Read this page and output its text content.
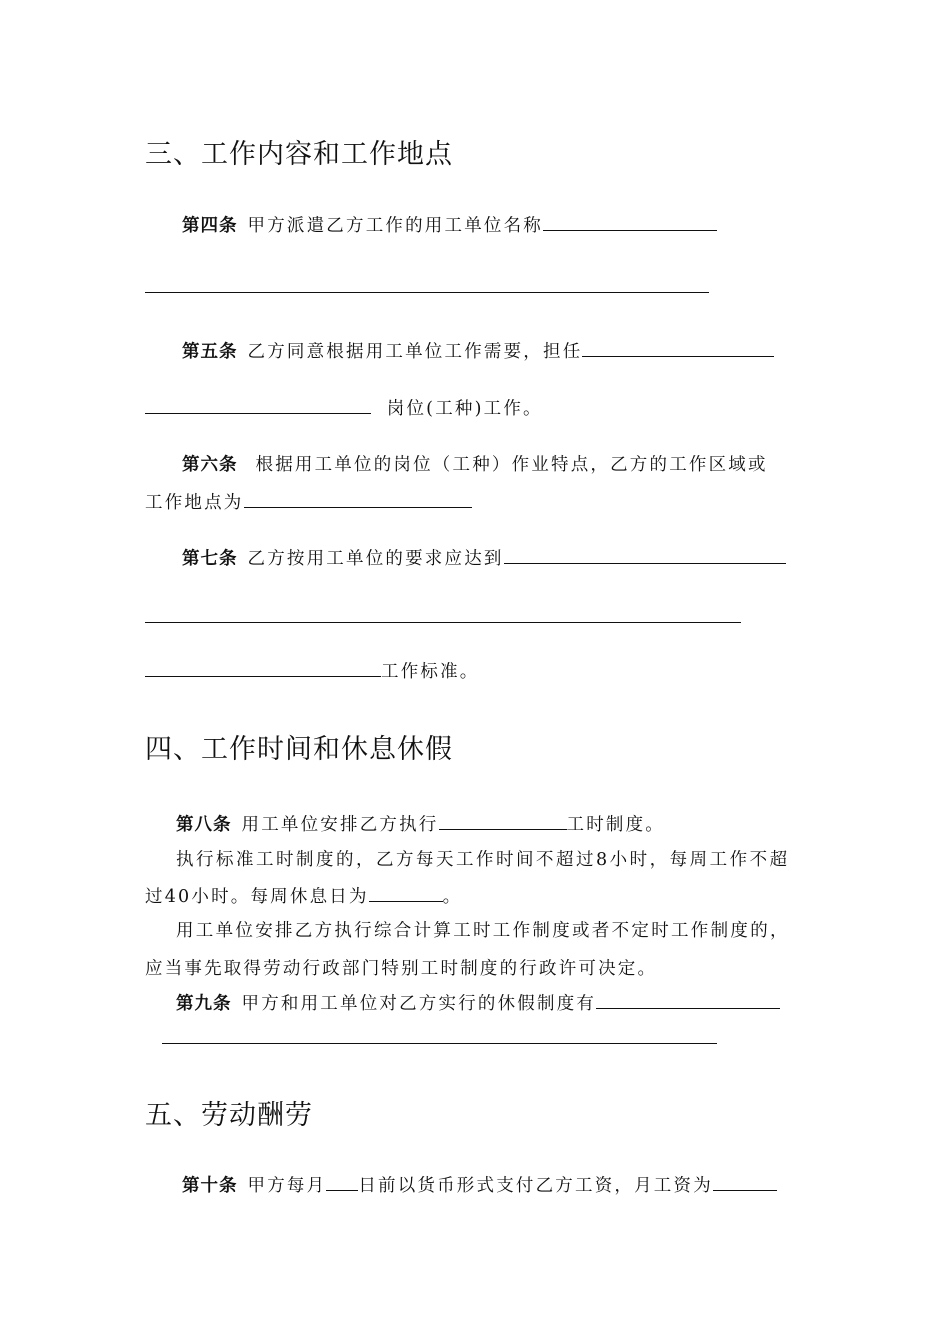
三、工作内容和工作地点
第四条 甲方派遣乙方工作的用工单位名称
第五条 乙方同意根据用工单位工作需要，担任
岗位(工种)工作。
第六条 根据用工单位的岗位（工种）作业特点，乙方的工作区域或
工作地点为
第七条 乙方按用工单位的要求应达到
工作标准。
四、工作时间和休息休假
第八条 用工单位安排乙方执行	工时制度。
执行标准工时制度的，乙方每天工作时间不超过8小时，每周工作不超
过40小时。每周休息日为	。
用工单位安排乙方执行综合计算工时工作制度或者不定时工作制度的，
应当事先取得劳动行政部门特别工时制度的行政许可决定。
第九条 甲方和用工单位对乙方实行的休假制度有
五、劳动酬劳
第十条 甲方每月 日前以货币形式支付乙方工资，月工资为
